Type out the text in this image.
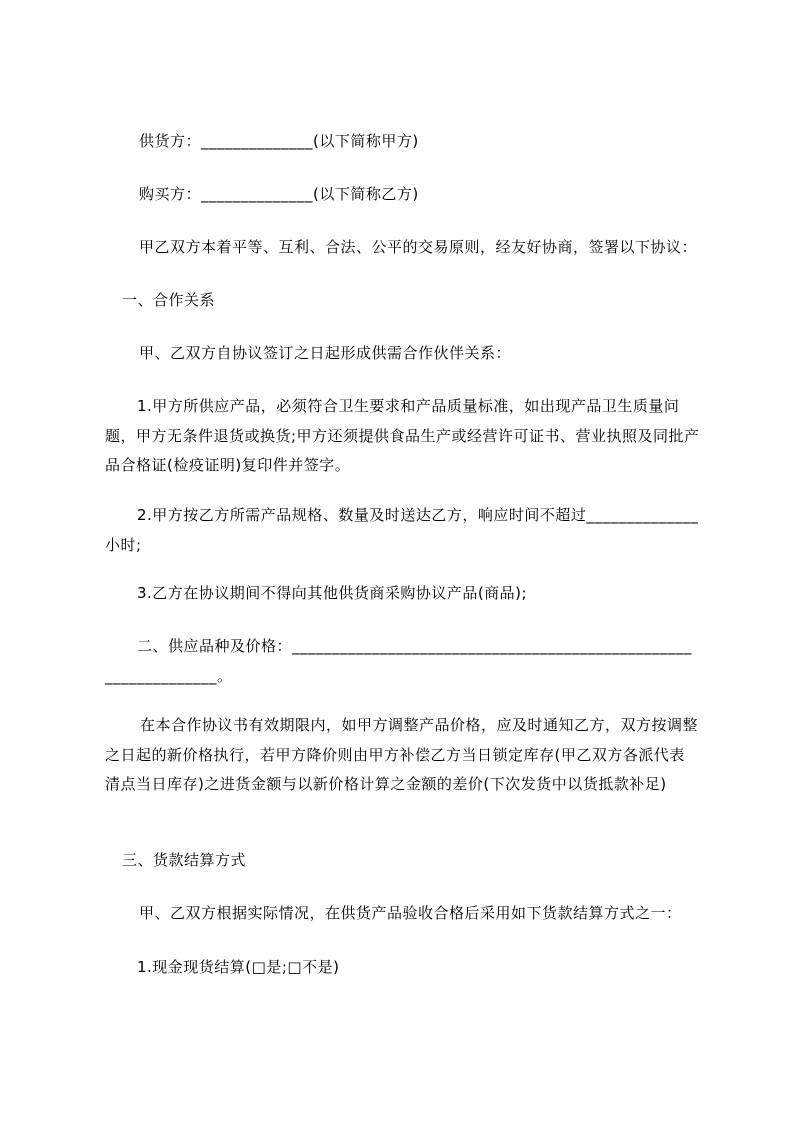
供货方：______________(以下简称甲方)
购买方：______________(以下简称乙方)
甲乙双方本着平等、互利、合法、公平的交易原则，经友好协商，签署以下协议：
一、合作关系
甲、乙双方自协议签订之日起形成供需合作伙伴关系：
1.甲方所供应产品，必须符合卫生要求和产品质量标准，如出现产品卫生质量问题，甲方无条件退货或换货;甲方还须提供食品生产或经营许可证书、营业执照及同批产品合格证(检疫证明)复印件并签字。
2.甲方按乙方所需产品规格、数量及时送达乙方，响应时间不超过______________小时;
3.乙方在协议期间不得向其他供货商采购协议产品(商品);
二、供应品种及价格：__________________________________________________
______________。
在本合作协议书有效期限内，如甲方调整产品价格，应及时通知乙方，双方按调整之日起的新价格执行，若甲方降价则由甲方补偿乙方当日锁定库存(甲乙双方各派代表清点当日库存)之进货金额与以新价格计算之金额的差价(下次发货中以货抵款补足)
三、货款结算方式
甲、乙双方根据实际情况，在供货产品验收合格后采用如下货款结算方式之一：
1.现金现货结算(□是;□不是)
